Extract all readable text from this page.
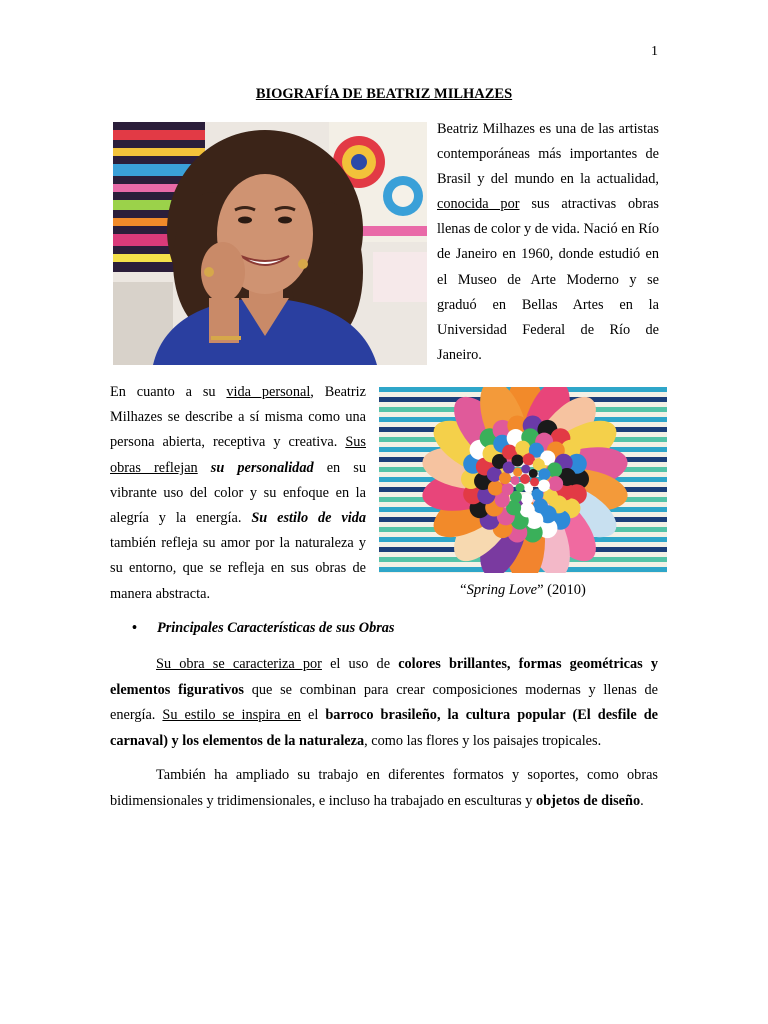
1
BIOGRAFÍA DE BEATRIZ MILHAZES

Beatriz Milhazes es una de las artistas contemporáneas más importantes de Brasil y del mundo en la actualidad, conocida por sus atractivas obras llenas de color y de vida. Nació en Río de Janeiro en 1960, donde estudió en el Museo de Arte Moderno y se graduó en Bellas Artes en la Universidad Federal de Río de Janeiro.

En cuanto a su vida personal, Beatriz Milhazes se describe a sí misma como una persona abierta, receptiva y creativa. Sus obras reflejan su personalidad en su vibrante uso del color y su enfoque en la alegría y la energía. Su estilo de vida también refleja su amor por la naturaleza y su entorno, que se refleja en sus obras de manera abstracta.	“Spring Love” (2010)

• Principales Características de sus Obras

Su obra se caracteriza por el uso de colores brillantes, formas geométricas y elementos figurativos que se combinan para crear composiciones modernas y llenas de energía. Su estilo se inspira en el barroco brasileño, la cultura popular (El desfile de carnaval) y los elementos de la naturaleza, como las flores y los paisajes tropicales.

También ha ampliado su trabajo en diferentes formatos y soportes, como obras bidimensionales y tridimensionales, e incluso ha trabajado en esculturas y objetos de diseño.
